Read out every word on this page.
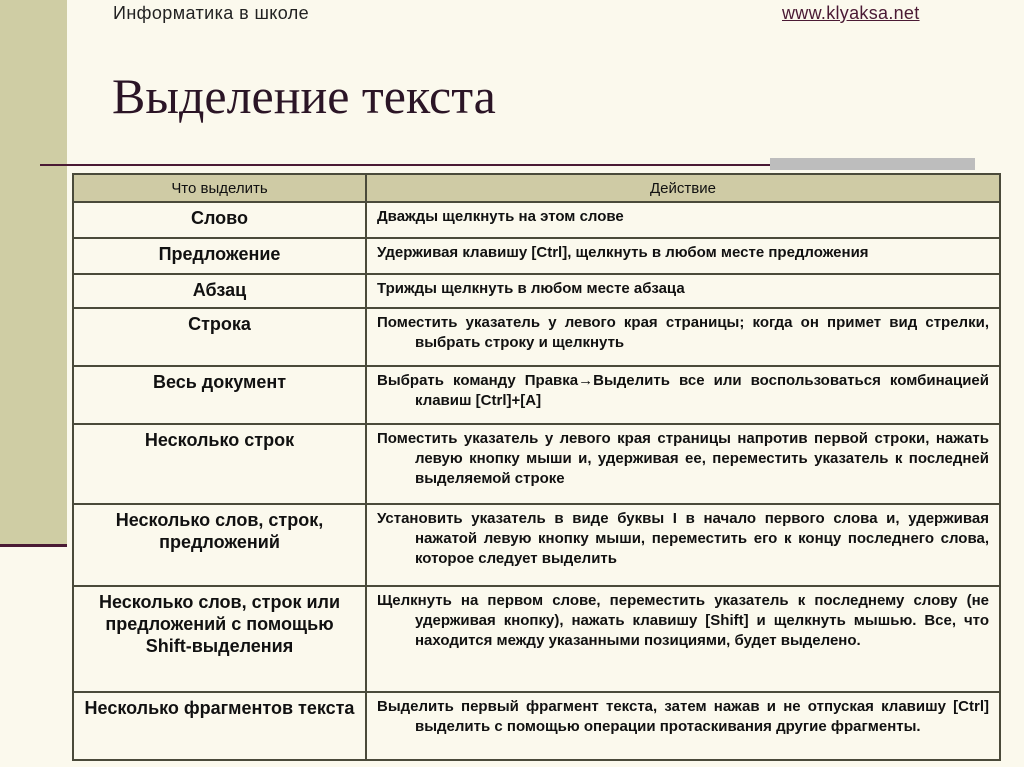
Информатика в школе	www.klyaksa.net
Выделение текста
Что выделить	Действие
Слово	Дважды щелкнуть на этом слове
Предложение	Удерживая клавишу [Ctrl], щелкнуть в любом месте предложения
Абзац	Трижды щелкнуть в любом месте абзаца
Строка	Поместить указатель у левого края страницы; когда он примет вид стрелки, выбрать строку и щелкнуть
Весь документ	Выбрать команду Правка→Выделить все или воспользоваться комбинацией клавиш [Ctrl]+[A]
Несколько строк	Поместить указатель у левого края страницы напротив первой строки, нажать левую кнопку мыши и, удерживая ее, переместить указатель к последней выделяемой строке
Несколько слов, строк, предложений	Установить указатель в виде буквы I в начало первого слова и, удерживая нажатой левую кнопку мыши, переместить его к концу последнего слова, которое следует выделить
Несколько слов, строк или предложений с помощью Shift-выделения	Щелкнуть на первом слове, переместить указатель к последнему слову (не удерживая кнопку), нажать клавишу [Shift] и щелкнуть мышью. Все, что находится между указанными позициями, будет выделено.
Несколько фрагментов текста	Выделить первый фрагмент текста, затем нажав и не отпуская клавишу [Ctrl] выделить с помощью операции протаскивания другие фрагменты.
